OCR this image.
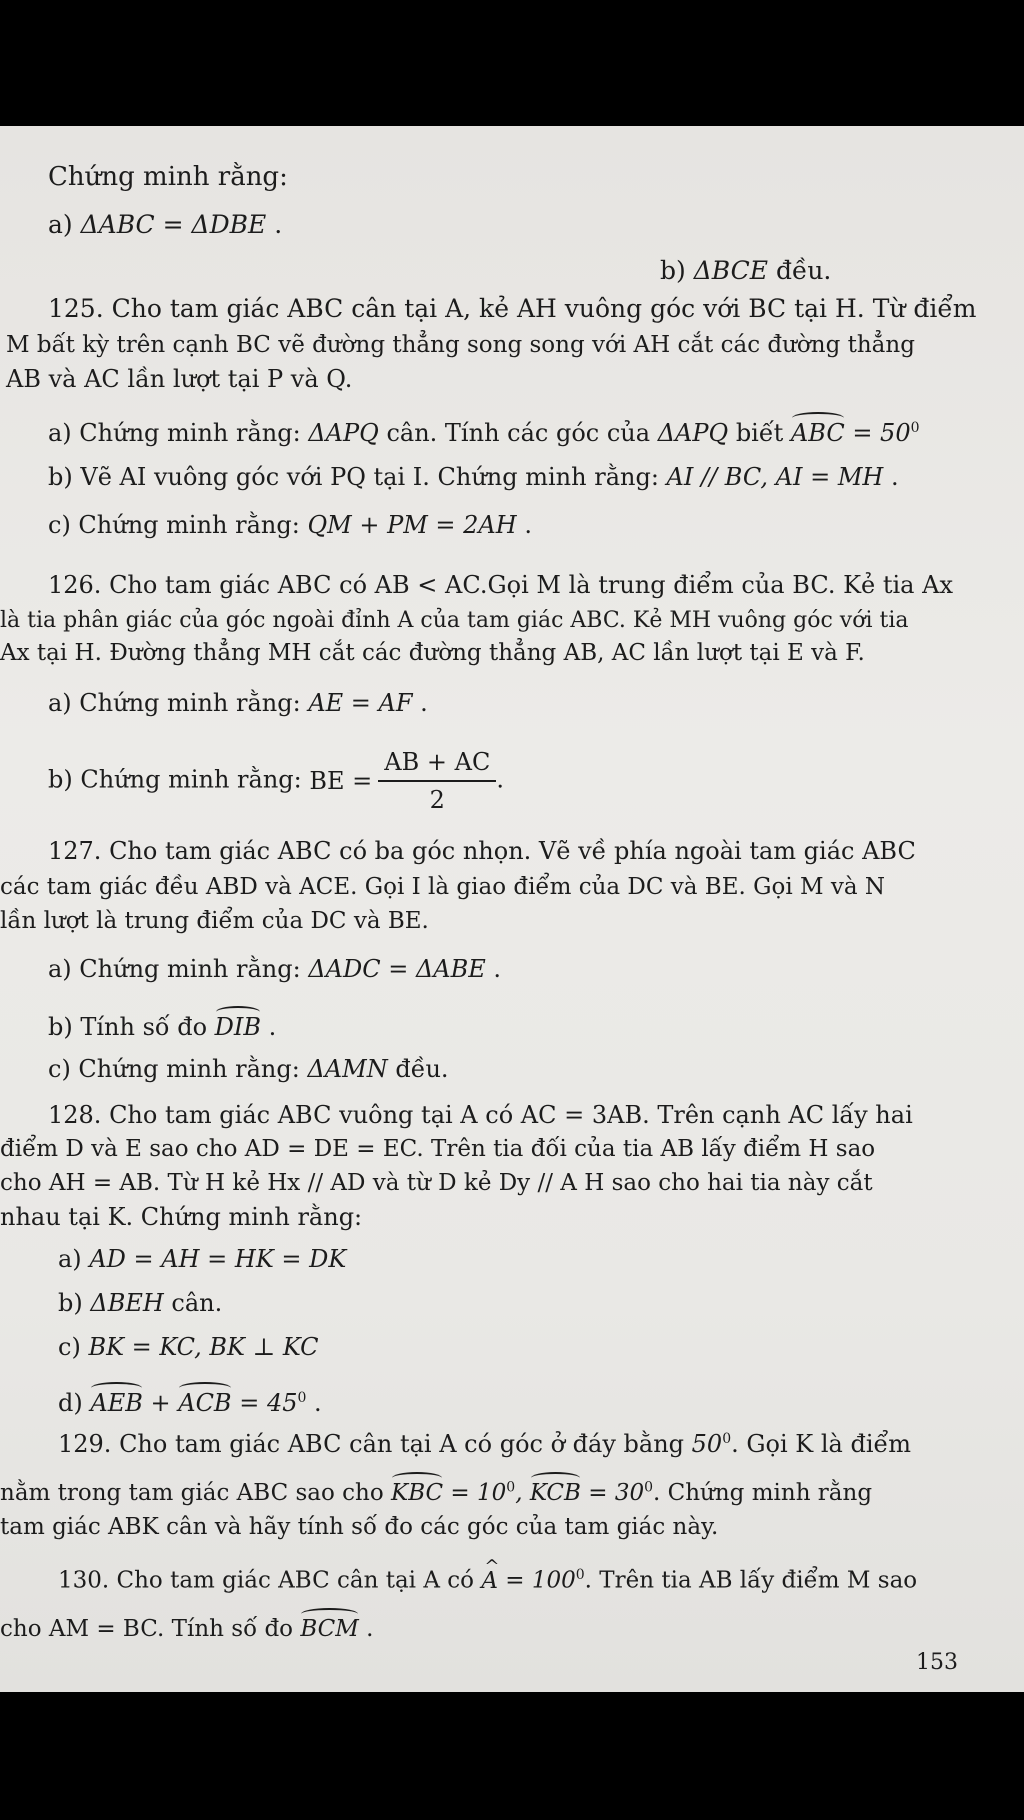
Chứng minh rằng:
a) ΔABC = ΔDBE .
b) ΔBCE đều.
125. Cho tam giác ABC cân tại A, kẻ AH vuông góc với BC tại H. Từ điểm
M bất kỳ trên cạnh BC vẽ đường thẳng song song với AH cắt các đường thẳng
AB và AC lần lượt tại P và Q.
a) Chứng minh rằng: ΔAPQ cân. Tính các góc của ΔAPQ biết ABC = $50^0$
b) Vẽ AI vuông góc với PQ tại I. Chứng minh rằng: AI // BC, AI = MH .
c) Chứng minh rằng: QM + PM = 2AH .
126. Cho tam giác ABC có AB < AC.Gọi M là trung điểm của BC. Kẻ tia Ax
là tia phân giác của góc ngoài đỉnh A của tam giác ABC. Kẻ MH vuông góc với tia
Ax tại H. Đường thẳng MH cắt các đường thẳng AB, AC lần lượt tại E và F.
a) Chứng minh rằng: AE = AF .
b) Chứng minh rằng: BE = $\frac{AB + AC}{2}$ .
127. Cho tam giác ABC có ba góc nhọn. Vẽ về phía ngoài tam giác ABC
các tam giác đều ABD và ACE. Gọi I là giao điểm của DC và BE. Gọi M và N
lần lượt là trung điểm của DC và BE.
a) Chứng minh rằng: ΔADC = ΔABE .
b) Tính số đo DIB .
c) Chứng minh rằng: ΔAMN đều.
128. Cho tam giác ABC vuông tại A có AC = 3AB. Trên cạnh AC lấy hai
điểm D và E sao cho AD = DE = EC. Trên tia đối của tia AB lấy điểm H sao
cho AH = AB. Từ H kẻ Hx // AD và từ D kẻ Dy // A H sao cho hai tia này cắt
nhau tại K. Chứng minh rằng:
a) AD = AH = HK = DK
b) ΔBEH cân.
c) BK = KC, BK ⊥ KC
d) AEB + ACB = $45^0$ .
129. Cho tam giác ABC cân tại A có góc ở đáy bằng $50^0$. Gọi K là điểm
nằm trong tam giác ABC sao cho KBC = $10^0$, KCB = $30^0$. Chứng minh rằng
tam giác ABK cân và hãy tính số đo các góc của tam giác này.
130. Cho tam giác ABC cân tại A có ^ $A = 100^0$. Trên tia AB lấy điểm M sao
cho AM = BC. Tính số đo BCM .
153
